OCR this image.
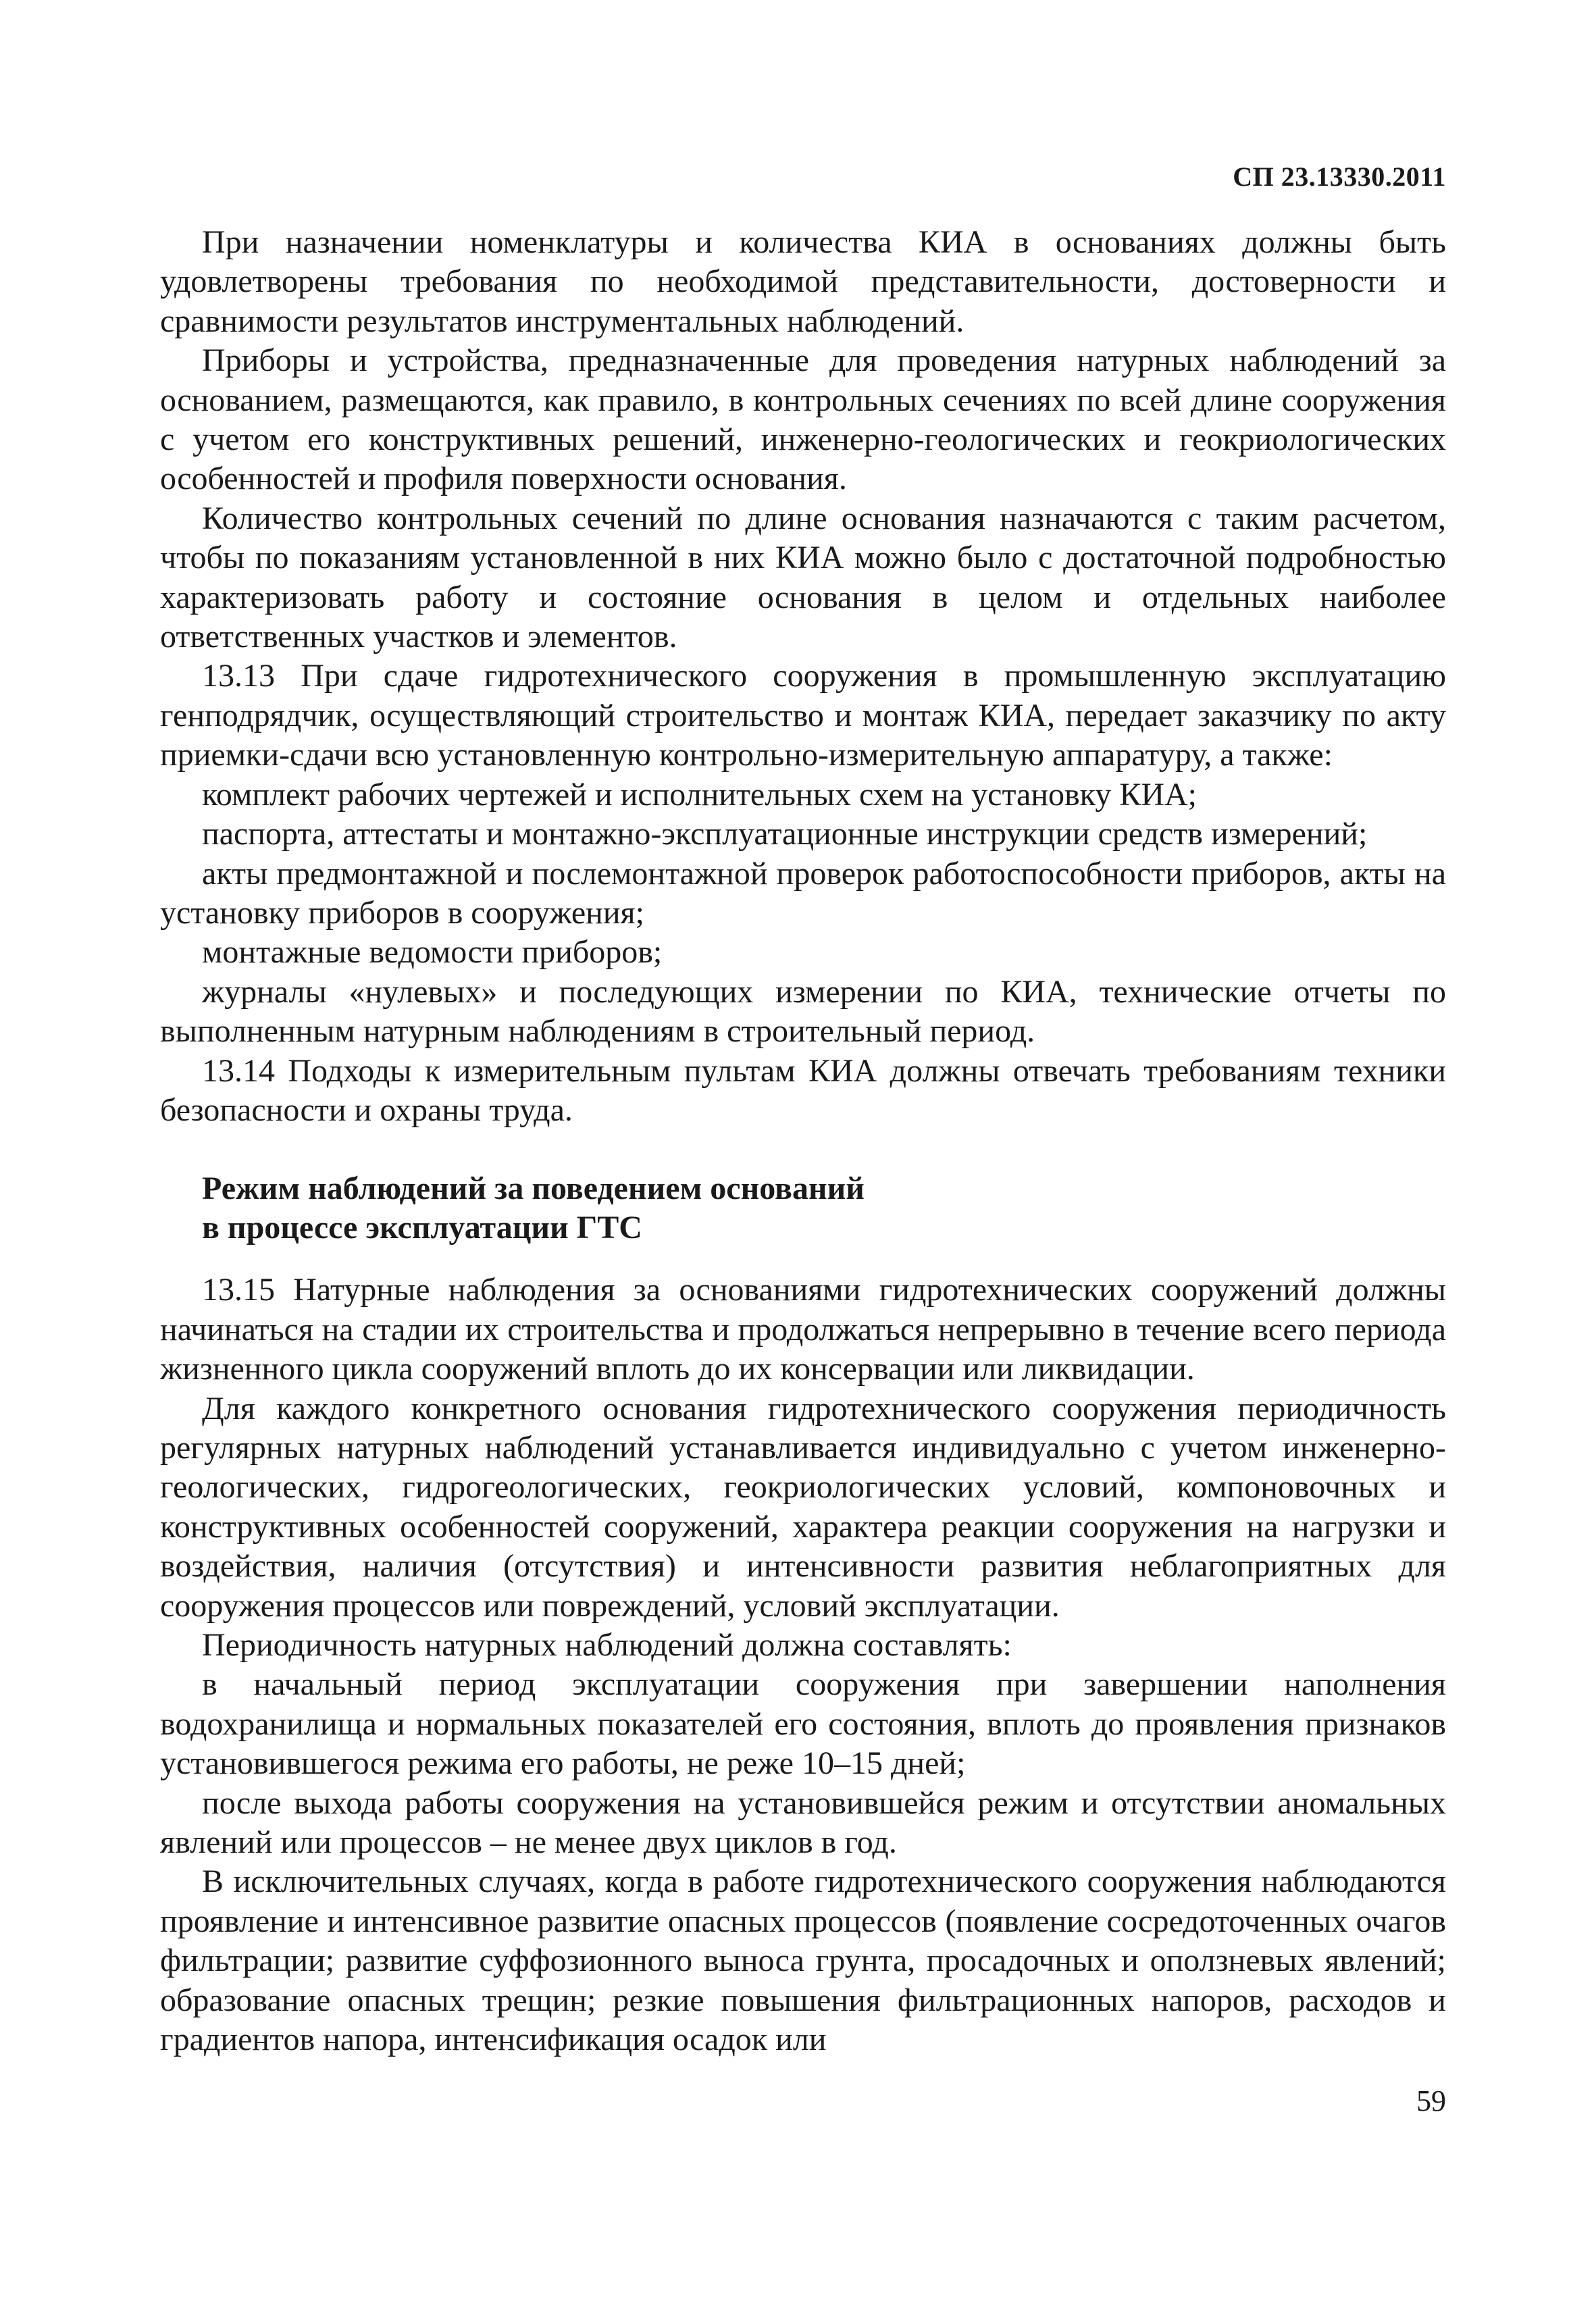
СП 23.13330.2011

При назначении номенклатуры и количества КИА в основаниях должны быть удовлетворены требования по необходимой представительности, достоверности и сравнимости результатов инструментальных наблюдений.

Приборы и устройства, предназначенные для проведения натурных наблюдений за основанием, размещаются, как правило, в контрольных сечениях по всей длине сооружения с учетом его конструктивных решений, инженерно-геологических и геокриологических особенностей и профиля поверхности основания.

Количество контрольных сечений по длине основания назначаются с таким расчетом, чтобы по показаниям установленной в них КИА можно было с достаточной подробностью характеризовать работу и состояние основания в целом и отдельных наиболее ответственных участков и элементов.

13.13 При сдаче гидротехнического сооружения в промышленную эксплуатацию генподрядчик, осуществляющий строительство и монтаж КИА, передает заказчику по акту приемки-сдачи всю установленную контрольно-измерительную аппаратуру, а также:

комплект рабочих чертежей и исполнительных схем на установку КИА;

паспорта, аттестаты и монтажно-эксплуатационные инструкции средств измерений;

акты предмонтажной и послемонтажной проверок работоспособности приборов, акты на установку приборов в сооружения;

монтажные ведомости приборов;

журналы «нулевых» и последующих измерении по КИА, технические отчеты по выполненным натурным наблюдениям в строительный период.

13.14 Подходы к измерительным пультам КИА должны отвечать требованиям техники безопасности и охраны труда.

Режим наблюдений за поведением оснований
в процессе эксплуатации ГТС

13.15 Натурные наблюдения за основаниями гидротехнических сооружений должны начинаться на стадии их строительства и продолжаться непрерывно в течение всего периода жизненного цикла сооружений вплоть до их консервации или ликвидации.

Для каждого конкретного основания гидротехнического сооружения периодичность регулярных натурных наблюдений устанавливается индивидуально с учетом инженерно-геологических, гидрогеологических, геокриологических условий, компоновочных и конструктивных особенностей сооружений, характера реакции сооружения на нагрузки и воздействия, наличия (отсутствия) и интенсивности развития неблагоприятных для сооружения процессов или повреждений, условий эксплуатации.

Периодичность натурных наблюдений должна составлять:

в начальный период эксплуатации сооружения при завершении наполнения водохранилища и нормальных показателей его состояния, вплоть до проявления признаков установившегося режима его работы, не реже 10–15 дней;

после выхода работы сооружения на установившейся режим и отсутствии аномальных явлений или процессов – не менее двух циклов в год.

В исключительных случаях, когда в работе гидротехнического сооружения наблюдаются проявление и интенсивное развитие опасных процессов (появление сосредоточенных очагов фильтрации; развитие суффозионного выноса грунта, просадочных и оползневых явлений; образование опасных трещин; резкие повышения фильтрационных напоров, расходов и градиентов напора, интенсификация осадок или

59
